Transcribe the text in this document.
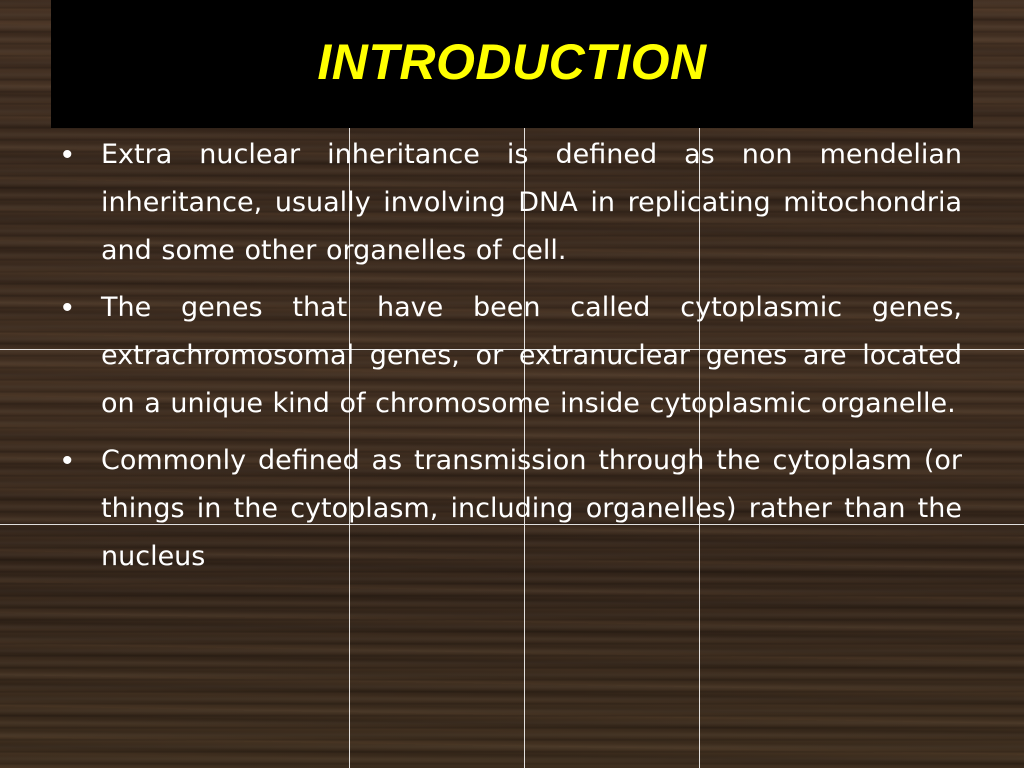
INTRODUCTION
• Extra nuclear inheritance is defined as non mendelian inheritance, usually involving DNA in replicating mitochondria and some other organelles of cell.
• The genes that have been called cytoplasmic genes, extrachromosomal genes, or extranuclear genes are located on a unique kind of chromosome inside cytoplasmic organelle.
• Commonly defined as transmission through the cytoplasm (or things in the cytoplasm, including organelles) rather than the nucleus
